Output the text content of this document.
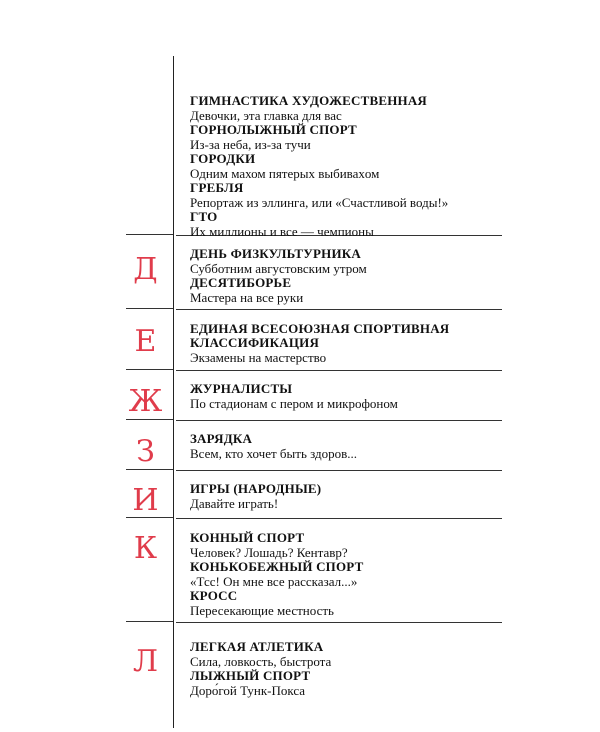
Д
Е
Ж
З
И
К
Л
ГИМНАСТИКА ХУДОЖЕСТВЕННАЯ
Девочки, эта главка для вас
ГОРНОЛЫЖНЫЙ СПОРТ
Из-за неба, из-за тучи
ГОРОДКИ
Одним махом пятерых выбиваxом
ГРЕБЛЯ
Репортаж из эллинга, или «Счастливой воды!»
ГТО
Их миллионы и все — чемпионы
ДЕНЬ ФИЗКУЛЬТУРНИКА
Субботним августовским утром
ДЕСЯТИБОРЬЕ
Мастера на все руки
ЕДИНАЯ ВСЕСОЮЗНАЯ СПОРТИВНАЯ
КЛАССИФИКАЦИЯ
Экзамены на мастерство
ЖУРНАЛИСТЫ
По стадионам с пером и микрофоном
ЗАРЯДКА
Всем, кто хочет быть здоров...
ИГРЫ (НАРОДНЫЕ)
Давайте играть!
КОННЫЙ СПОРТ
Человек? Лошадь? Кентавр?
КОНЬКОБЕЖНЫЙ СПОРТ
«Тсс! Он мне все рассказал...»
КРОСС
Пересекающие местность
ЛЕГКАЯ АТЛЕТИКА
Сила, ловкость, быстрота
ЛЫЖНЫЙ СПОРТ
Доро́гой Тунк-Покса
